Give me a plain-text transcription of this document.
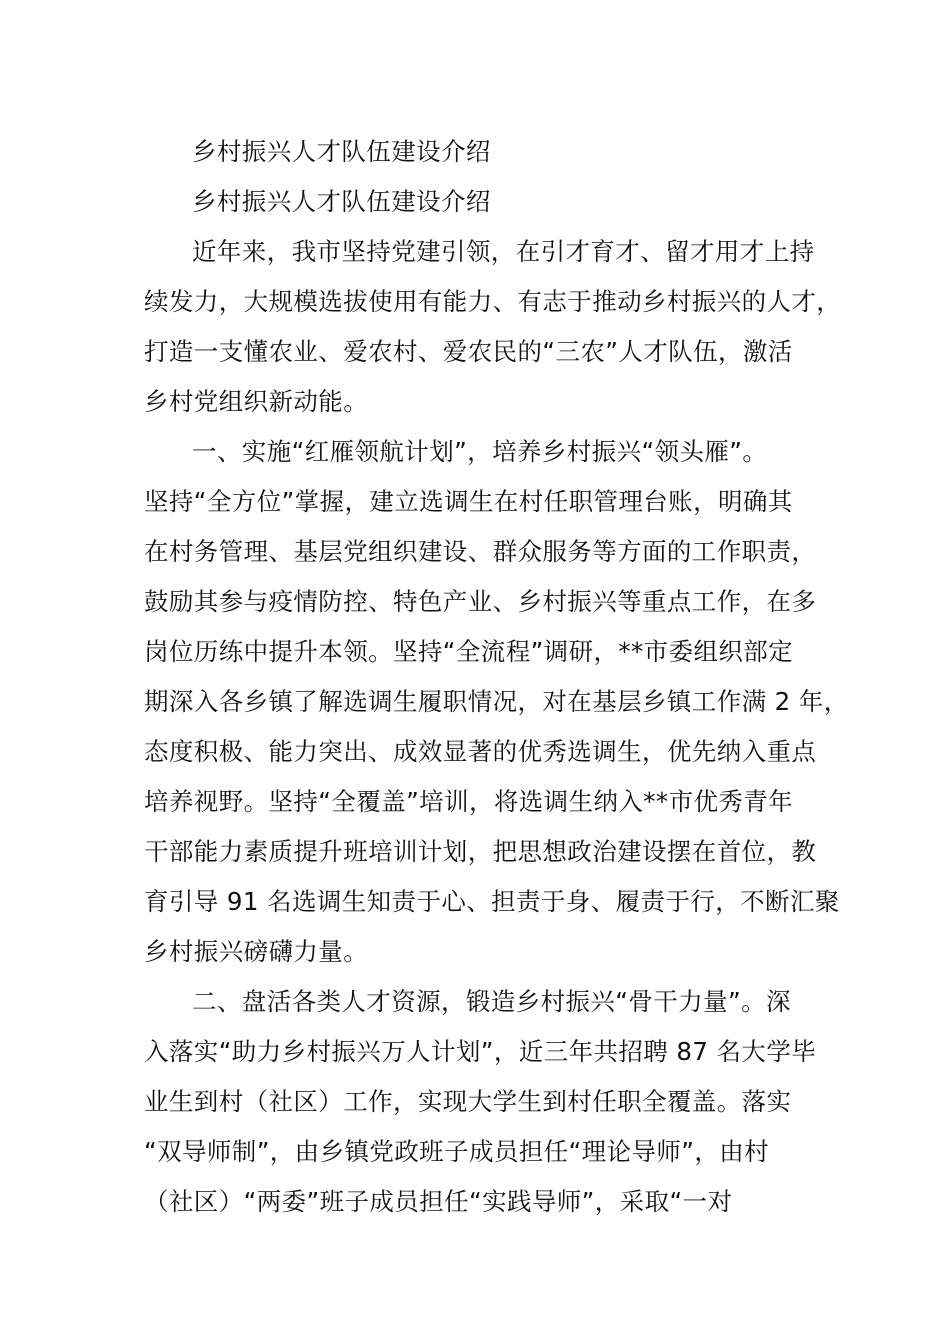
乡村振兴人才队伍建设介绍
乡村振兴人才队伍建设介绍
近年来，我市坚持党建引领，在引才育才、留才用才上持
续发力，大规模选拔使用有能力、有志于推动乡村振兴的人才，
打造一支懂农业、爱农村、爱农民的“三农”人才队伍，激活
乡村党组织新动能。
一、实施“红雁领航计划”，培养乡村振兴“领头雁”。
坚持“全方位”掌握，建立选调生在村任职管理台账，明确其
在村务管理、基层党组织建设、群众服务等方面的工作职责，
鼓励其参与疫情防控、特色产业、乡村振兴等重点工作，在多
岗位历练中提升本领。坚持“全流程”调研，**市委组织部定
期深入各乡镇了解选调生履职情况，对在基层乡镇工作满 2 年，
态度积极、能力突出、成效显著的优秀选调生，优先纳入重点
培养视野。坚持“全覆盖”培训，将选调生纳入**市优秀青年
干部能力素质提升班培训计划，把思想政治建设摆在首位，教
育引导 91 名选调生知责于心、担责于身、履责于行，不断汇聚
乡村振兴磅礴力量。
二、盘活各类人才资源，锻造乡村振兴“骨干力量”。深
入落实“助力乡村振兴万人计划”，近三年共招聘 87 名大学毕
业生到村（社区）工作，实现大学生到村任职全覆盖。落实
“双导师制”，由乡镇党政班子成员担任“理论导师”，由村
（社区）“两委”班子成员担任“实践导师”，采取“一对
